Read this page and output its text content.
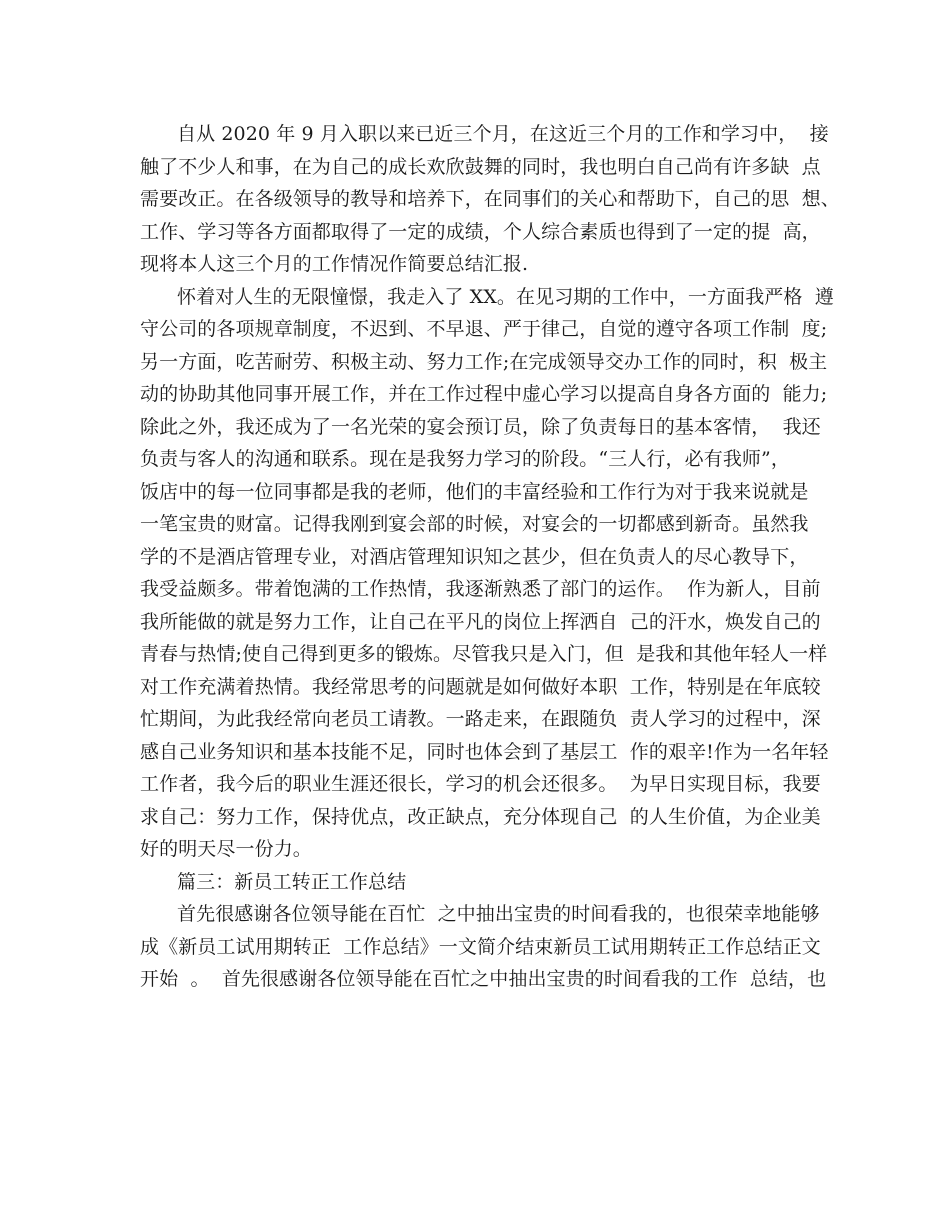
自从 2020 年 9 月入职以来已近三个月，在这近三个月的工作和学习中，  接
触了不少人和事，在为自己的成长欢欣鼓舞的同时，我也明白自己尚有许多缺  点
需要改正。在各级领导的教导和培养下，在同事们的关心和帮助下，自己的思  想、
工作、学习等各方面都取得了一定的成绩，个人综合素质也得到了一定的提  高，
现将本人这三个月的工作情况作简要总结汇报.
怀着对人生的无限憧憬，我走入了 XX。在见习期的工作中，一方面我严格  遵
守公司的各项规章制度，不迟到、不早退、严于律己，自觉的遵守各项工作制  度;
另一方面，吃苦耐劳、积极主动、努力工作;在完成领导交办工作的同时，积  极主
动的协助其他同事开展工作，并在工作过程中虚心学习以提高自身各方面的  能力;
除此之外，我还成为了一名光荣的宴会预订员，除了负责每日的基本客情，  我还
负责与客人的沟通和联系。现在是我努力学习的阶段。“三人行，必有我师”，
饭店中的每一位同事都是我的老师，他们的丰富经验和工作行为对于我来说就是
一笔宝贵的财富。记得我刚到宴会部的时候，对宴会的一切都感到新奇。虽然我
学的不是酒店管理专业，对酒店管理知识知之甚少，但在负责人的尽心教导下，
我受益颇多。带着饱满的工作热情，我逐渐熟悉了部门的运作。  作为新人，目前
我所能做的就是努力工作，让自己在平凡的岗位上挥洒自  己的汗水，焕发自己的
青春与热情;使自己得到更多的锻炼。尽管我只是入门，但  是我和其他年轻人一样
对工作充满着热情。我经常思考的问题就是如何做好本职  工作，特别是在年底较
忙期间，为此我经常向老员工请教。一路走来，在跟随负  责人学习的过程中，深
感自己业务知识和基本技能不足，同时也体会到了基层工  作的艰辛!作为一名年轻
工作者，我今后的职业生涯还很长，学习的机会还很多。  为早日实现目标，我要
求自己：努力工作，保持优点，改正缺点，充分体现自己  的人生价值，为企业美
好的明天尽一份力。
篇三：新员工转正工作总结
首先很感谢各位领导能在百忙  之中抽出宝贵的时间看我的，也很荣幸地能够
成《新员工试用期转正  工作总结》一文简介结束新员工试用期转正工作总结正文
开始  。  首先很感谢各位领导能在百忙之中抽出宝贵的时间看我的工作  总结，也
